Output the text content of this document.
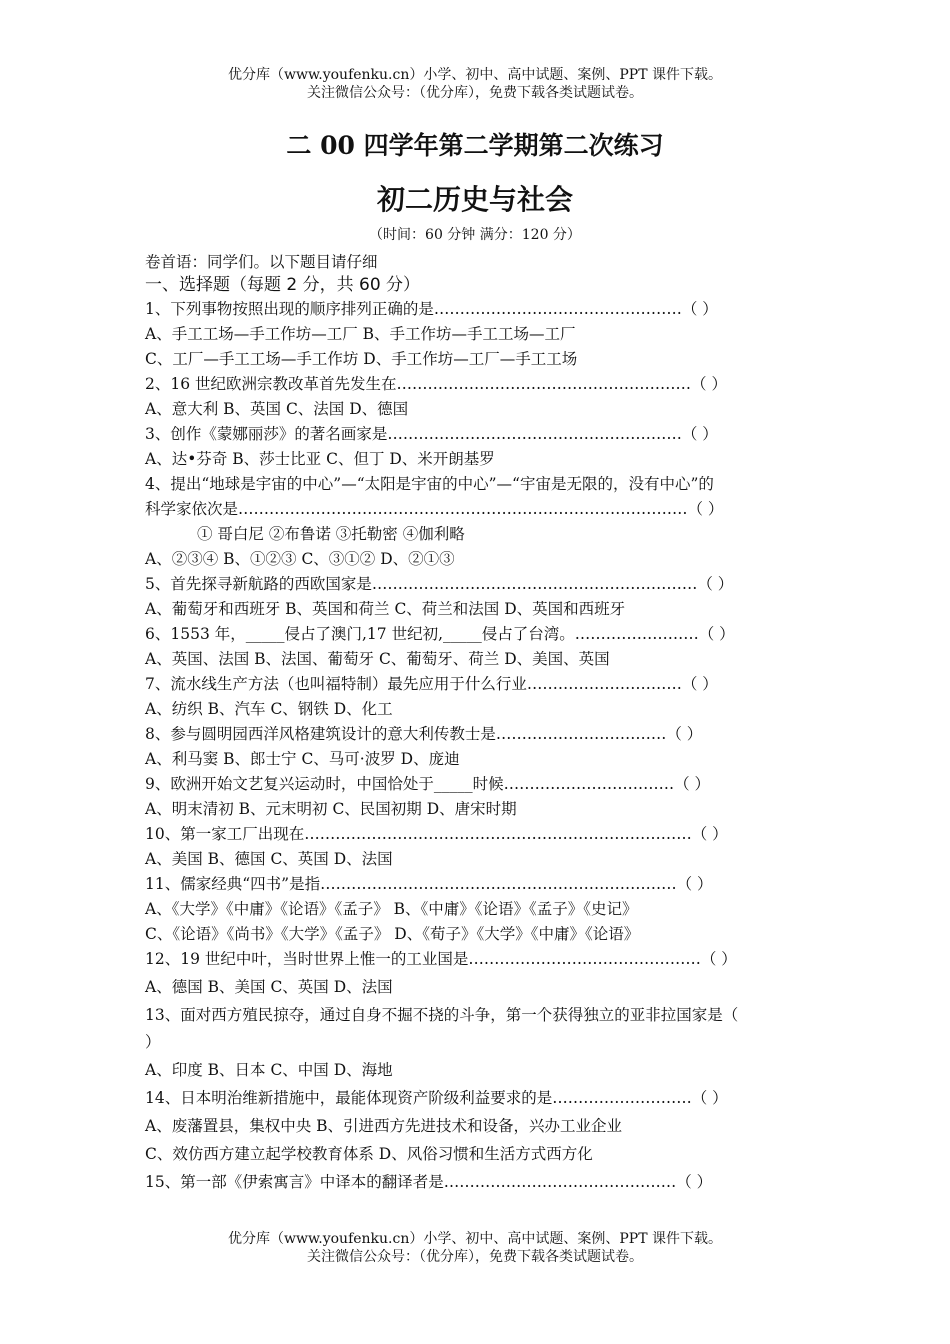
优分库（www.youfenku.cn）小学、初中、高中试题、案例、PPT 课件下载。
关注微信公众号：（优分库），免费下载各类试题试卷。
二 00 四学年第二学期第二次练习
初二历史与社会
（时间：60 分钟 满分：120 分）
卷首语：同学们。以下题目请仔细
一、选择题（每题 2 分，共 60 分）
1、下列事物按照出现的顺序排列正确的是…………………………………………（ ）
A、手工工场—手工作坊—工厂 B、手工作坊—手工工场—工厂
C、工厂—手工工场—手工作坊 D、手工作坊—工厂—手工工场
2、16 世纪欧洲宗教改革首先发生在…………………………………………………（ ）
A、意大利 B、英国 C、法国 D、德国
3、创作《蒙娜丽莎》的著名画家是…………………………………………………（ ）
A、达•芬奇 B、莎士比亚 C、但丁 D、米开朗基罗
4、提出“地球是宇宙的中心”—“太阳是宇宙的中心”—“宇宙是无限的，没有中心”的
科学家依次是……………………………………………………………………………（ ）
① 哥白尼 ②布鲁诺 ③托勒密 ④伽利略
A、②③④ B、①②③ C、③①② D、②①③
5、首先探寻新航路的西欧国家是………………………………………………………（ ）
A、葡萄牙和西班牙 B、英国和荷兰 C、荷兰和法国 D、英国和西班牙
6、1553 年，_____侵占了澳门,17 世纪初,_____侵占了台湾。……………………（ ）
A、英国、法国 B、法国、葡萄牙 C、葡萄牙、荷兰 D、美国、英国
7、流水线生产方法（也叫福特制）最先应用于什么行业…………………………（ ）
A、纺织 B、汽车 C、钢铁 D、化工
8、参与圆明园西洋风格建筑设计的意大利传教士是……………………………（ ）
A、利马窦 B、郎士宁 C、马可·波罗 D、庞迪
9、欧洲开始文艺复兴运动时，中国恰处于_____时候……………………………（ ）
A、明末清初 B、元末明初 C、民国初期 D、唐宋时期
10、第一家工厂出现在…………………………………………………………………（ ）
A、美国 B、德国 C、英国 D、法国
11、儒家经典“四书”是指……………………………………………………………（ ）
A、《大学》《中庸》《论语》《孟子》 B、《中庸》《论语》《孟子》《史记》
C、《论语》《尚书》《大学》《孟子》 D、《荀子》《大学》《中庸》《论语》
12、19 世纪中叶，当时世界上惟一的工业国是………………………………………（ ）
A、德国 B、美国 C、英国 D、法国
13、面对西方殖民掠夺，通过自身不掘不挠的斗争，第一个获得独立的亚非拉国家是（
）
A、印度 B、日本 C、中国 D、海地
14、日本明治维新措施中，最能体现资产阶级利益要求的是………………………（ ）
A、废藩置县，集权中央 B、引进西方先进技术和设备，兴办工业企业
C、效仿西方建立起学校教育体系 D、风俗习惯和生活方式西方化
15、第一部《伊索寓言》中译本的翻译者是………………………………………（ ）
优分库（www.youfenku.cn）小学、初中、高中试题、案例、PPT 课件下载。
关注微信公众号：（优分库），免费下载各类试题试卷。
